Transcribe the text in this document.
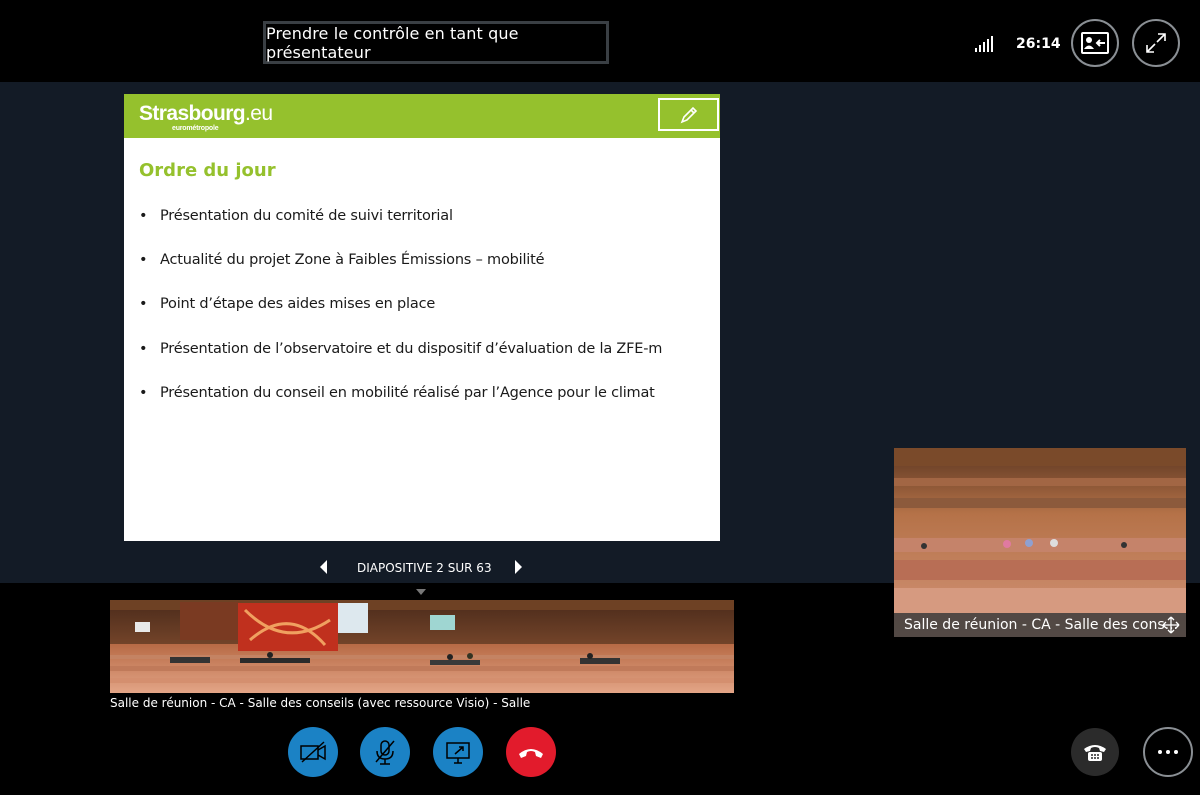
Prendre le contrôle en tant que présentateur	26:14
Strasbourg.eu
eurométropole
Ordre du jour
• Présentation du comité de suivi territorial
• Actualité du projet Zone à Faibles Émissions – mobilité
• Point d’étape des aides mises en place
• Présentation de l’observatoire et du dispositif d’évaluation de la ZFE-m
• Présentation du conseil en mobilité réalisé par l’Agence pour le climat
DIAPOSITIVE 2 SUR 63
Salle de réunion - CA - Salle des conseils (avec ressource Visio) - Salle
Salle de réunion - CA - Salle des cons...
